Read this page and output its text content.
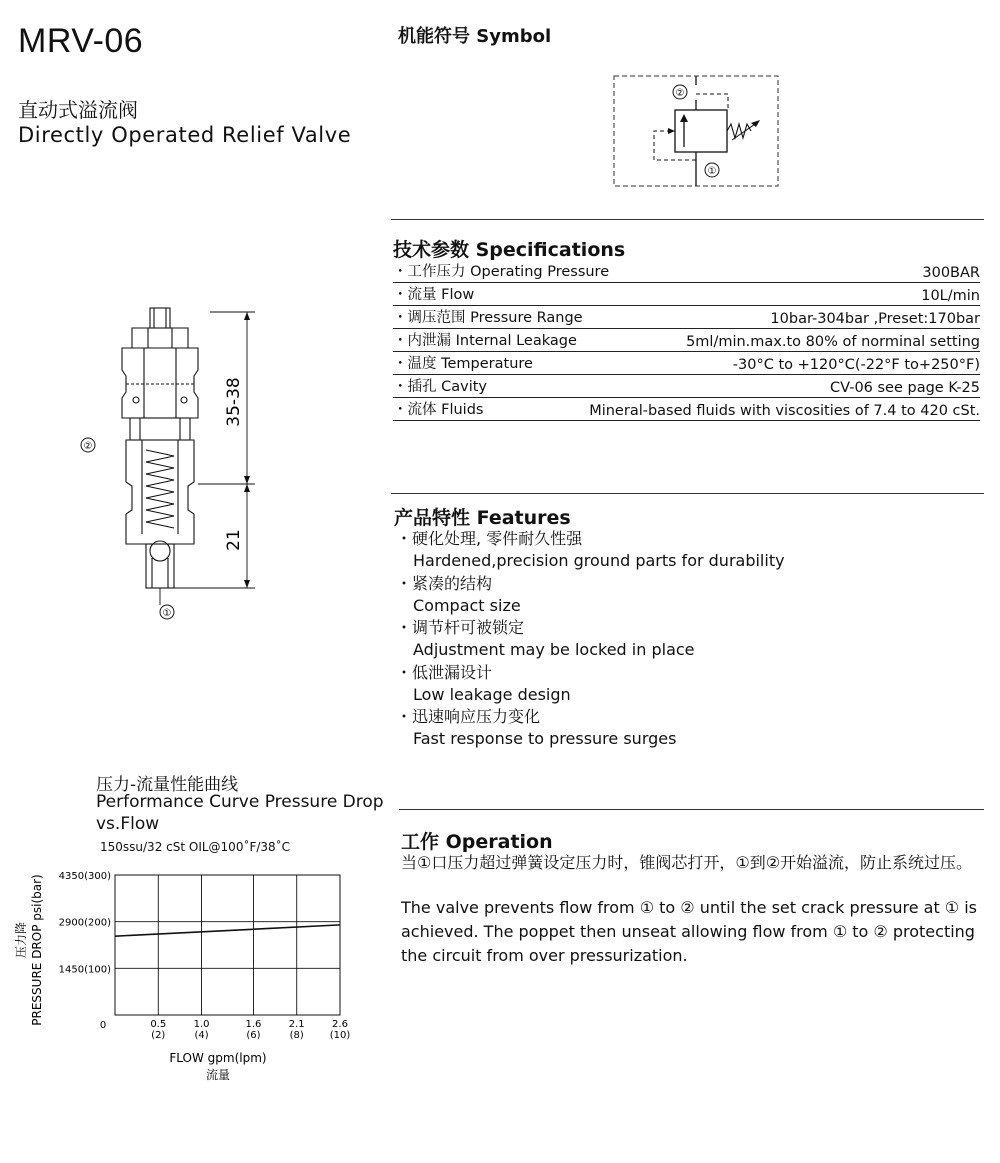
MRV-06
直动式溢流阀
Directly Operated Relief Valve
机能符号 Symbol
②
①
技术参数 Specifications
・工作压力 Operating Pressure	300BAR
・流量 Flow	10L/min
・调压范围 Pressure Range	10bar-304bar ,Preset:170bar
・内泄漏 Internal Leakage	5ml/min.max.to 80% of norminal setting
・温度 Temperature	-30°C to +120°C(-22°F to+250°F)
・插孔 Cavity	CV-06 see page K-25
・流体 Fluids	Mineral-based fluids with viscosities of 7.4 to 420 cSt.
产品特性 Features
・硬化处理, 零件耐久性强
Hardened,precision ground parts for durability
・紧凑的结构
Compact size
・调节杆可被锁定
Adjustment may be locked in place
・低泄漏设计
Low leakage design
・迅速响应压力变化
Fast response to pressure surges
工作 Operation
当①口压力超过弹簧设定压力时，锥阀芯打开，①到②开始溢流，防止系统过压。
The valve prevents flow from ① to ② until the set crack pressure at ① is achieved. The poppet then unseat allowing flow from ① to ② protecting the circuit from over pressurization.
35-38
21
②
①
压力-流量性能曲线
Performance Curve Pressure Drop vs.Flow
150ssu/32 cSt OIL@100˚F/38˚C
0.5
(2)
1.0
(4)
1.6
(6)
2.1
(8)
2.6
(10)
1450(100)
2900(200)
4350(300)
0
PRESSURE DROP psi(bar)
压力降
FLOW gpm(lpm)
流量
